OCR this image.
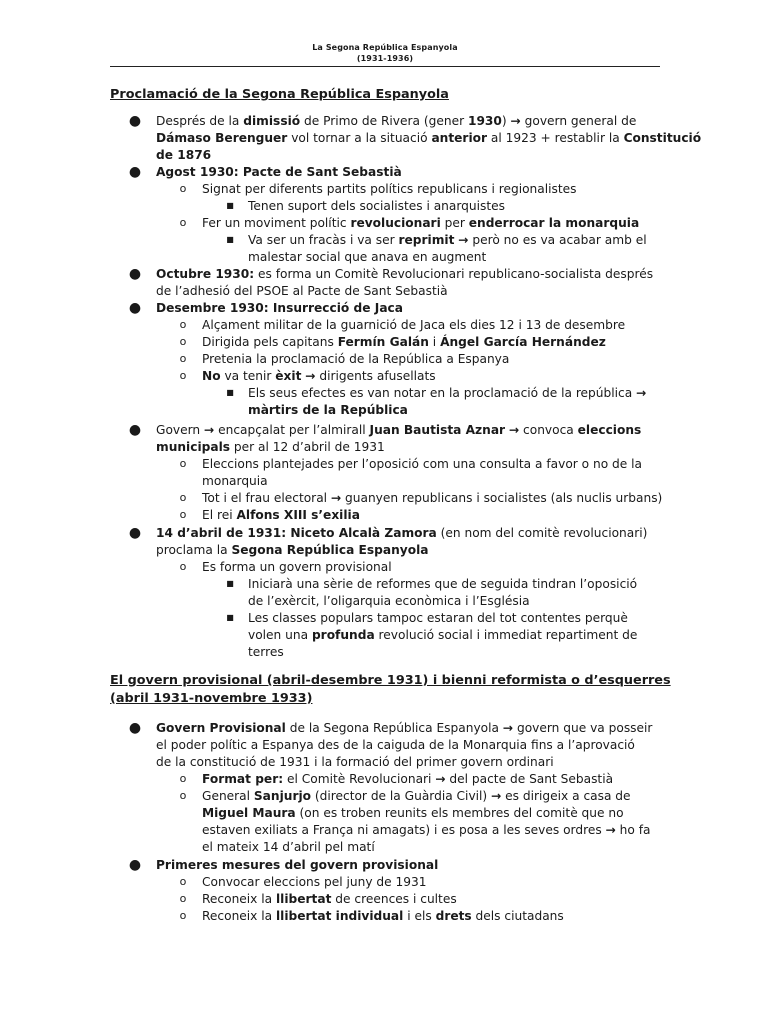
La Segona República Espanyola
(1931-1936)
Proclamació de la Segona República Espanyola
● Després de la dimissió de Primo de Rivera (gener 1930) → govern general de
Dámaso Berenguer vol tornar a la situació anterior al 1923 + restablir la Constitució
de 1876
● Agost 1930: Pacte de Sant Sebastià
o Signat per diferents partits polítics republicans i regionalistes
■ Tenen suport dels socialistes i anarquistes
o Fer un moviment polític revolucionari per enderrocar la monarquia
■ Va ser un fracàs i va ser reprimit → però no es va acabar amb el
malestar social que anava en augment
● Octubre 1930: es forma un Comitè Revolucionari republicano-socialista després
de l’adhesió del PSOE al Pacte de Sant Sebastià
● Desembre 1930: Insurrecció de Jaca
o Alçament militar de la guarnició de Jaca els dies 12 i 13 de desembre
o Dirigida pels capitans Fermín Galán i Ángel García Hernández
o Pretenia la proclamació de la República a Espanya
o No va tenir èxit → dirigents afusellats
■ Els seus efectes es van notar en la proclamació de la república →
màrtirs de la República
● Govern → encapçalat per l’almirall Juan Bautista Aznar → convoca eleccions
municipals per al 12 d’abril de 1931
o Eleccions plantejades per l’oposició com una consulta a favor o no de la
monarquia
o Tot i el frau electoral → guanyen republicans i socialistes (als nuclis urbans)
o El rei Alfons XIII s’exilia
● 14 d’abril de 1931: Niceto Alcalà Zamora (en nom del comitè revolucionari)
proclama la Segona República Espanyola
o Es forma un govern provisional
■ Iniciarà una sèrie de reformes que de seguida tindran l’oposició
de l’exèrcit, l’oligarquia econòmica i l’Església
■ Les classes populars tampoc estaran del tot contentes perquè
volen una profunda revolució social i immediat repartiment de
terres
El govern provisional (abril-desembre 1931) i bienni reformista o d’esquerres
(abril 1931-novembre 1933)
● Govern Provisional de la Segona República Espanyola → govern que va posseir
el poder polític a Espanya des de la caiguda de la Monarquia fins a l’aprovació
de la constitució de 1931 i la formació del primer govern ordinari
o Format per: el Comitè Revolucionari → del pacte de Sant Sebastià
o General Sanjurjo (director de la Guàrdia Civil) → es dirigeix a casa de
Miguel Maura (on es troben reunits els membres del comitè que no
estaven exiliats a França ni amagats) i es posa a les seves ordres → ho fa
el mateix 14 d’abril pel matí
● Primeres mesures del govern provisional
o Convocar eleccions pel juny de 1931
o Reconeix la llibertat de creences i cultes
o Reconeix la llibertat individual i els drets dels ciutadans
